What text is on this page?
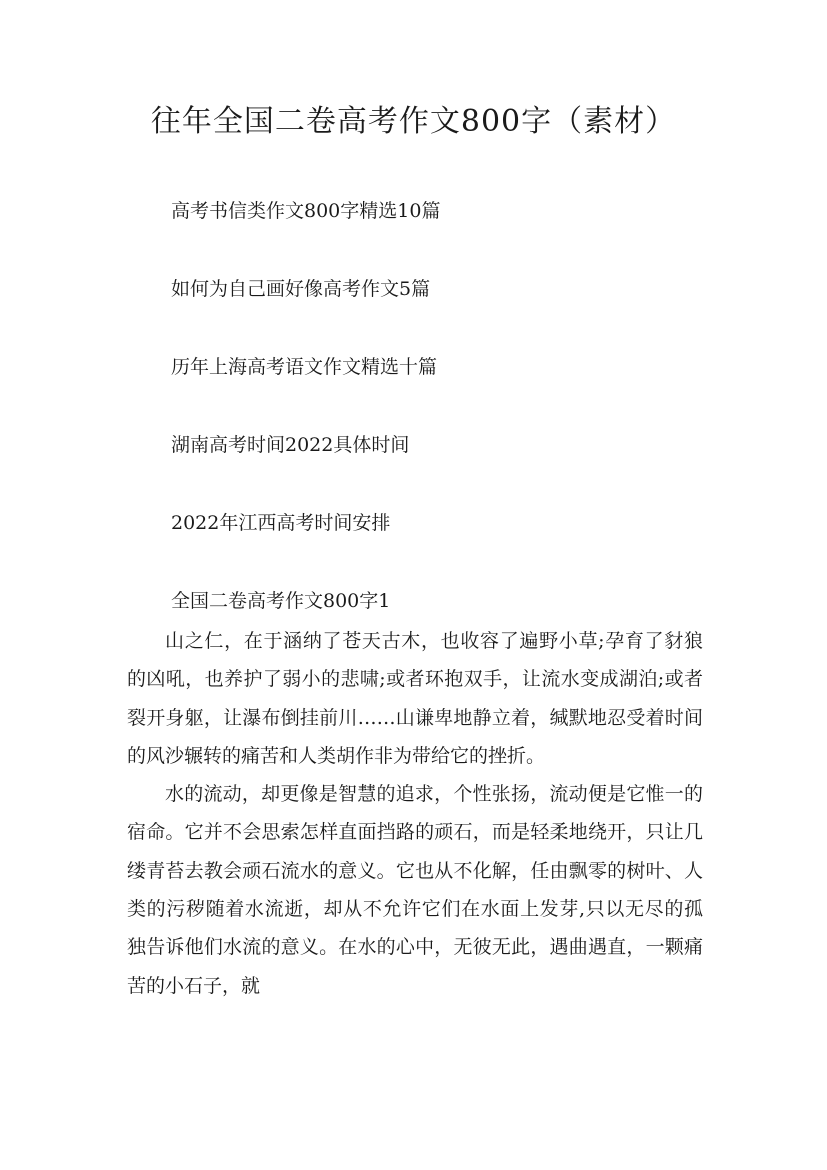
往年全国二卷高考作文800字（素材）
高考书信类作文800字精选10篇
如何为自己画好像高考作文5篇
历年上海高考语文作文精选十篇
湖南高考时间2022具体时间
2022年江西高考时间安排
全国二卷高考作文800字1

山之仁，在于涵纳了苍天古木，也收容了遍野小草;孕育了豺狼的凶吼，也养护了弱小的悲啸;或者环抱双手，让流水变成湖泊;或者裂开身躯，让瀑布倒挂前川……山谦卑地静立着，缄默地忍受着时间的风沙辗转的痛苦和人类胡作非为带给它的挫折。

水的流动，却更像是智慧的追求，个性张扬，流动便是它惟一的宿命。它并不会思索怎样直面挡路的顽石，而是轻柔地绕开，只让几缕青苔去教会顽石流水的意义。它也从不化解，任由飘零的树叶、人类的污秽随着水流逝，却从不允许它们在水面上发芽,只以无尽的孤独告诉他们水流的意义。在水的心中，无彼无此，遇曲遇直，一颗痛苦的小石子，就
